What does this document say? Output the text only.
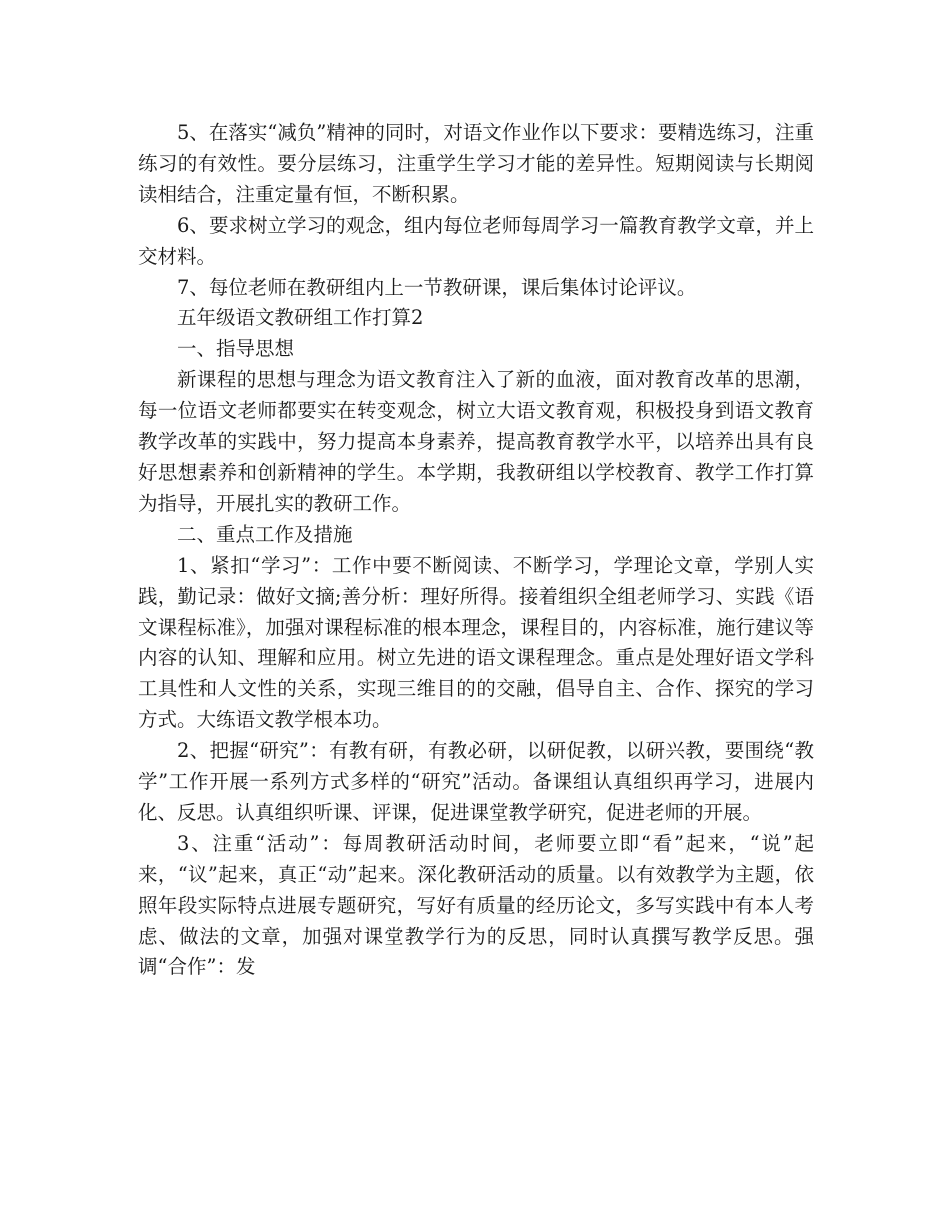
5、在落实“减负”精神的同时，对语文作业作以下要求：要精选练习，注重练习的有效性。要分层练习，注重学生学习才能的差异性。短期阅读与长期阅读相结合，注重定量有恒，不断积累。

6、要求树立学习的观念，组内每位老师每周学习一篇教育教学文章，并上交材料。

7、每位老师在教研组内上一节教研课，课后集体讨论评议。

五年级语文教研组工作打算2

一、指导思想

新课程的思想与理念为语文教育注入了新的血液，面对教育改革的思潮，每一位语文老师都要实在转变观念，树立大语文教育观，积极投身到语文教育教学改革的实践中，努力提高本身素养，提高教育教学水平，以培养出具有良好思想素养和创新精神的学生。本学期，我教研组以学校教育、教学工作打算为指导，开展扎实的教研工作。

二、重点工作及措施

1、紧扣“学习”：工作中要不断阅读、不断学习，学理论文章，学别人实践，勤记录：做好文摘;善分析：理好所得。接着组织全组老师学习、实践《语文课程标准》，加强对课程标准的根本理念，课程目的，内容标准，施行建议等内容的认知、理解和应用。树立先进的语文课程理念。重点是处理好语文学科工具性和人文性的关系，实现三维目的的交融，倡导自主、合作、探究的学习方式。大练语文教学根本功。

2、把握“研究”：有教有研，有教必研，以研促教，以研兴教，要围绕“教学”工作开展一系列方式多样的“研究”活动。备课组认真组织再学习，进展内化、反思。认真组织听课、评课，促进课堂教学研究，促进老师的开展。

3、注重“活动”：每周教研活动时间，老师要立即“看”起来，“说”起来，“议”起来，真正“动”起来。深化教研活动的质量。以有效教学为主题，依照年段实际特点进展专题研究，写好有质量的经历论文，多写实践中有本人考虑、做法的文章，加强对课堂教学行为的反思，同时认真撰写教学反思。强调“合作”：发
